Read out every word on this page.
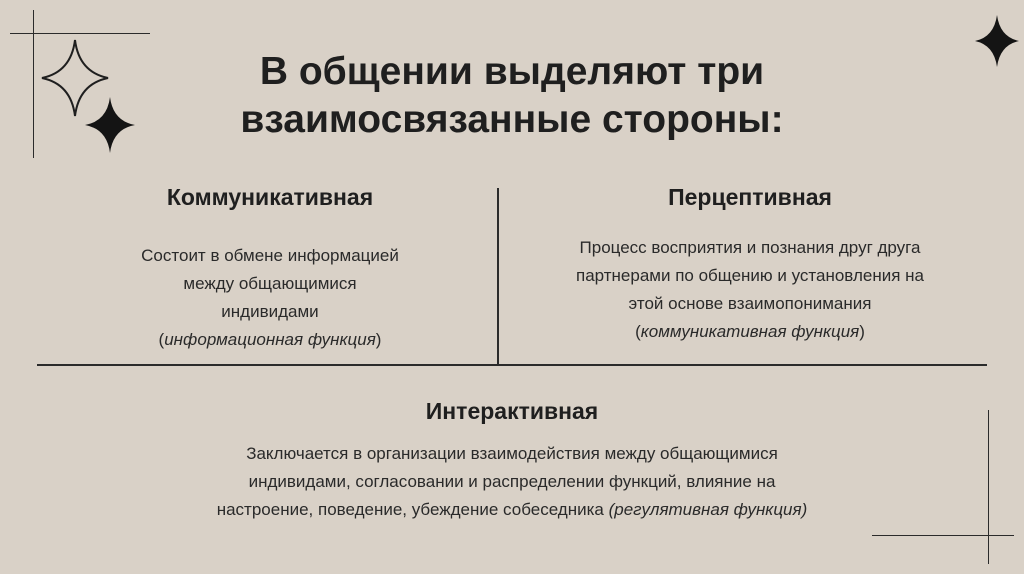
В общении выделяют три
взаимосвязанные стороны:
Коммуникативная
Состоит в обмене информацией
между общающимися
индивидами
(информационная функция)
Перцептивная
Процесс восприятия и познания друг друга
партнерами по общению и установления на
этой основе взаимопонимания
(коммуникативная функция)
Интерактивная
Заключается в организации взаимодействия между общающимися
индивидами, согласовании и распределении функций, влияние на
настроение, поведение, убеждение собеседника (регулятивная функция)
